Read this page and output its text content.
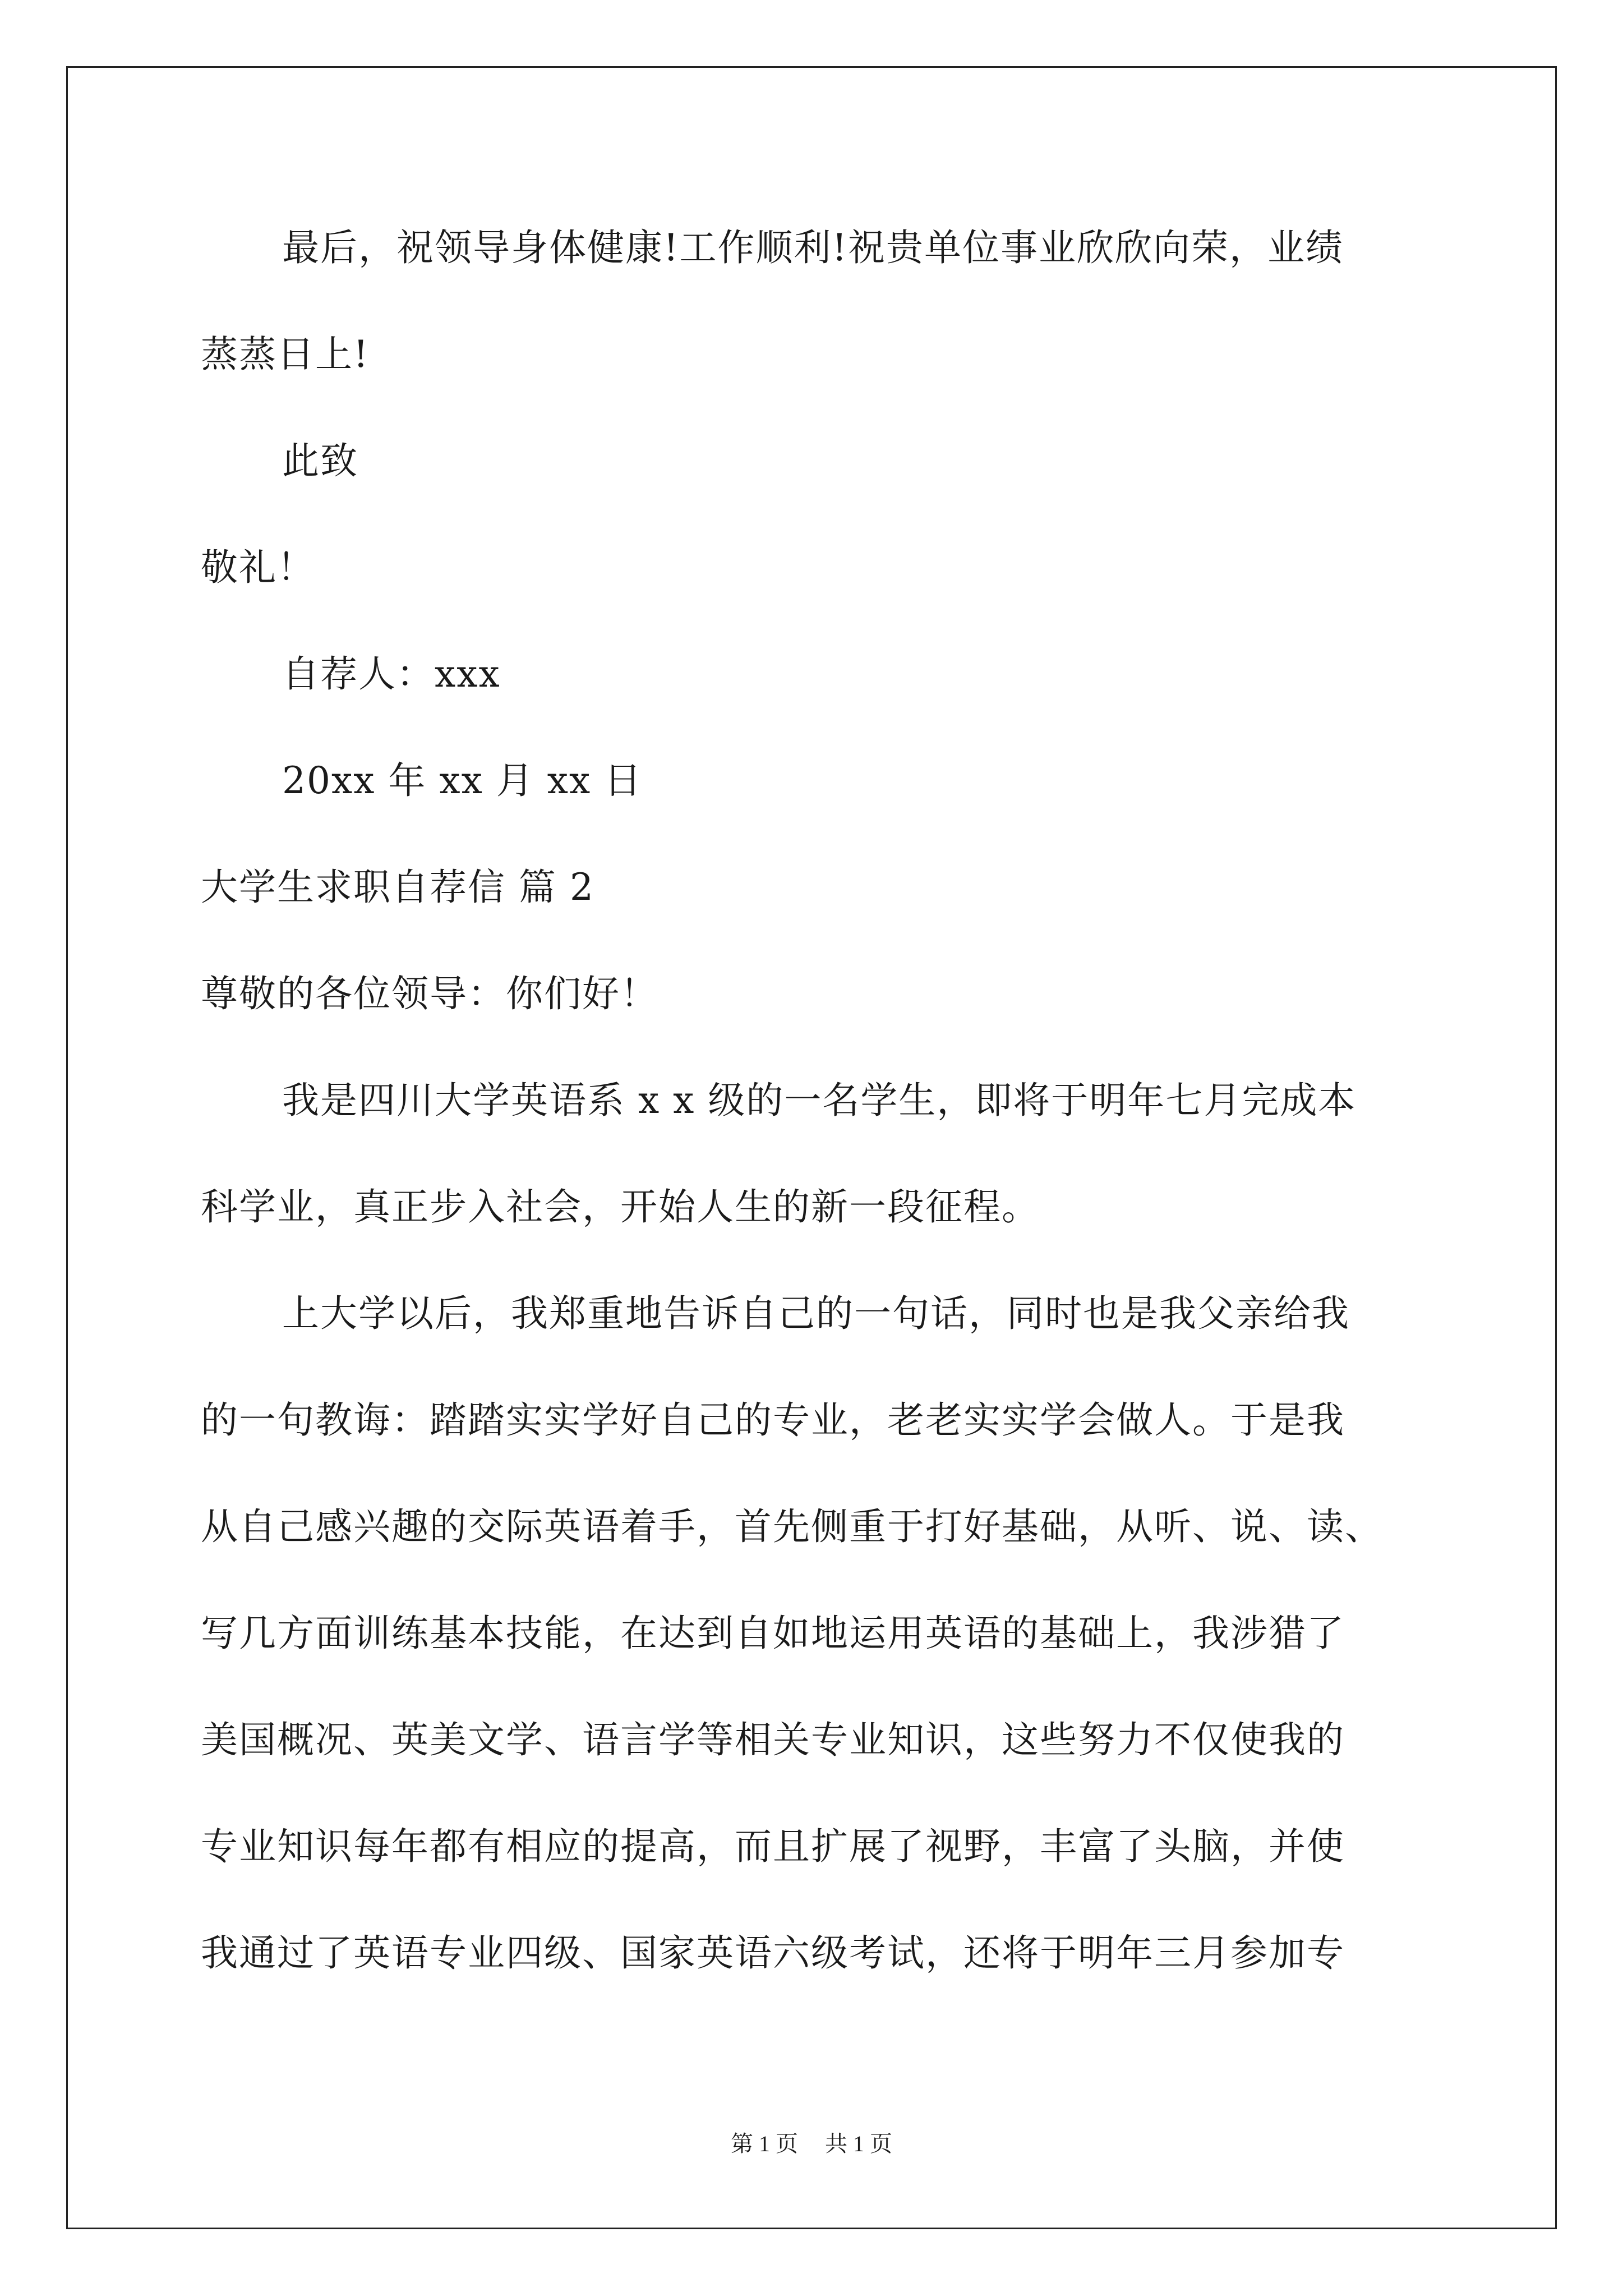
最后，祝领导身体健康!工作顺利!祝贵单位事业欣欣向荣，业绩
蒸蒸日上!
此致
敬礼！
自荐人：xxx
20xx 年 xx 月 xx 日
大学生求职自荐信 篇 2
尊敬的各位领导：你们好！
我是四川大学英语系 x x 级的一名学生，即将于明年七月完成本
科学业，真正步入社会，开始人生的新一段征程。
上大学以后，我郑重地告诉自己的一句话，同时也是我父亲给我
的一句教诲：踏踏实实学好自己的专业，老老实实学会做人。于是我
从自己感兴趣的交际英语着手，首先侧重于打好基础，从听、说、读、
写几方面训练基本技能，在达到自如地运用英语的基础上，我涉猎了
美国概况、英美文学、语言学等相关专业知识，这些努力不仅使我的
专业知识每年都有相应的提高，而且扩展了视野，丰富了头脑，并使
我通过了英语专业四级、国家英语六级考试，还将于明年三月参加专
第 1 页 共 1 页
